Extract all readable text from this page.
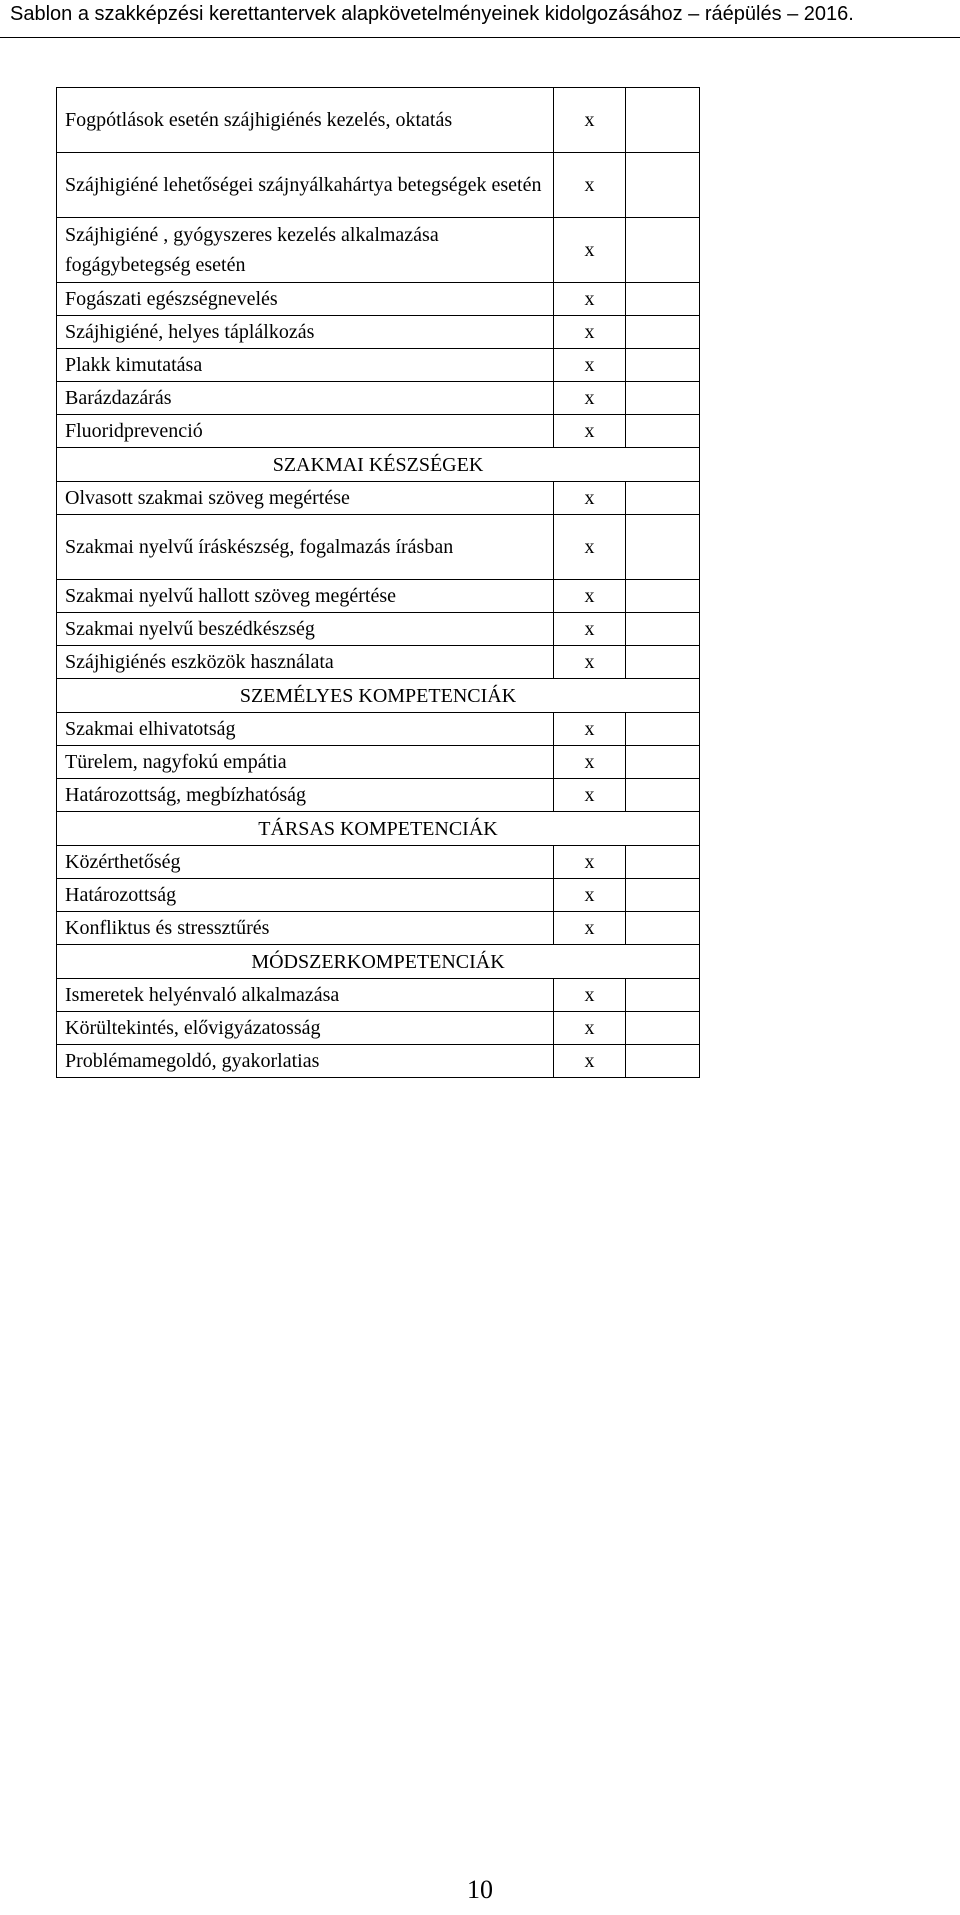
Sablon a szakképzési kerettantervek alapkövetelményeinek kidolgozásához – ráépülés – 2016.
Fogpótlások esetén szájhigiénés kezelés, oktatás	x	
Szájhigiéné lehetőségei szájnyálkahártya betegségek esetén	x	
Szájhigiéné , gyógyszeres kezelés alkalmazása fogágybetegség esetén	x	
Fogászati egészségnevelés	x	
Szájhigiéné, helyes táplálkozás	x	
Plakk kimutatása	x	
Barázdazárás	x	
Fluoridprevenció	x	
SZAKMAI KÉSZSÉGEK		
Olvasott szakmai szöveg megértése	x	
Szakmai nyelvű íráskészség, fogalmazás írásban	x	
Szakmai nyelvű hallott szöveg megértése	x	
Szakmai nyelvű beszédkészség	x	
Szájhigiénés eszközök használata	x	
SZEMÉLYES KOMPETENCIÁK		
Szakmai elhivatotság	x	
Türelem, nagyfokú empátia	x	
Határozottság, megbízhatóság	x	
TÁRSAS KOMPETENCIÁK		
Közérthetőség	x	
Határozottság	x	
Konfliktus és stressztűrés	x	
MÓDSZERKOMPETENCIÁK		
Ismeretek helyénvaló alkalmazása	x	
Körültekintés, elővigyázatosság	x	
Problémamegoldó, gyakorlatias	x	
10
